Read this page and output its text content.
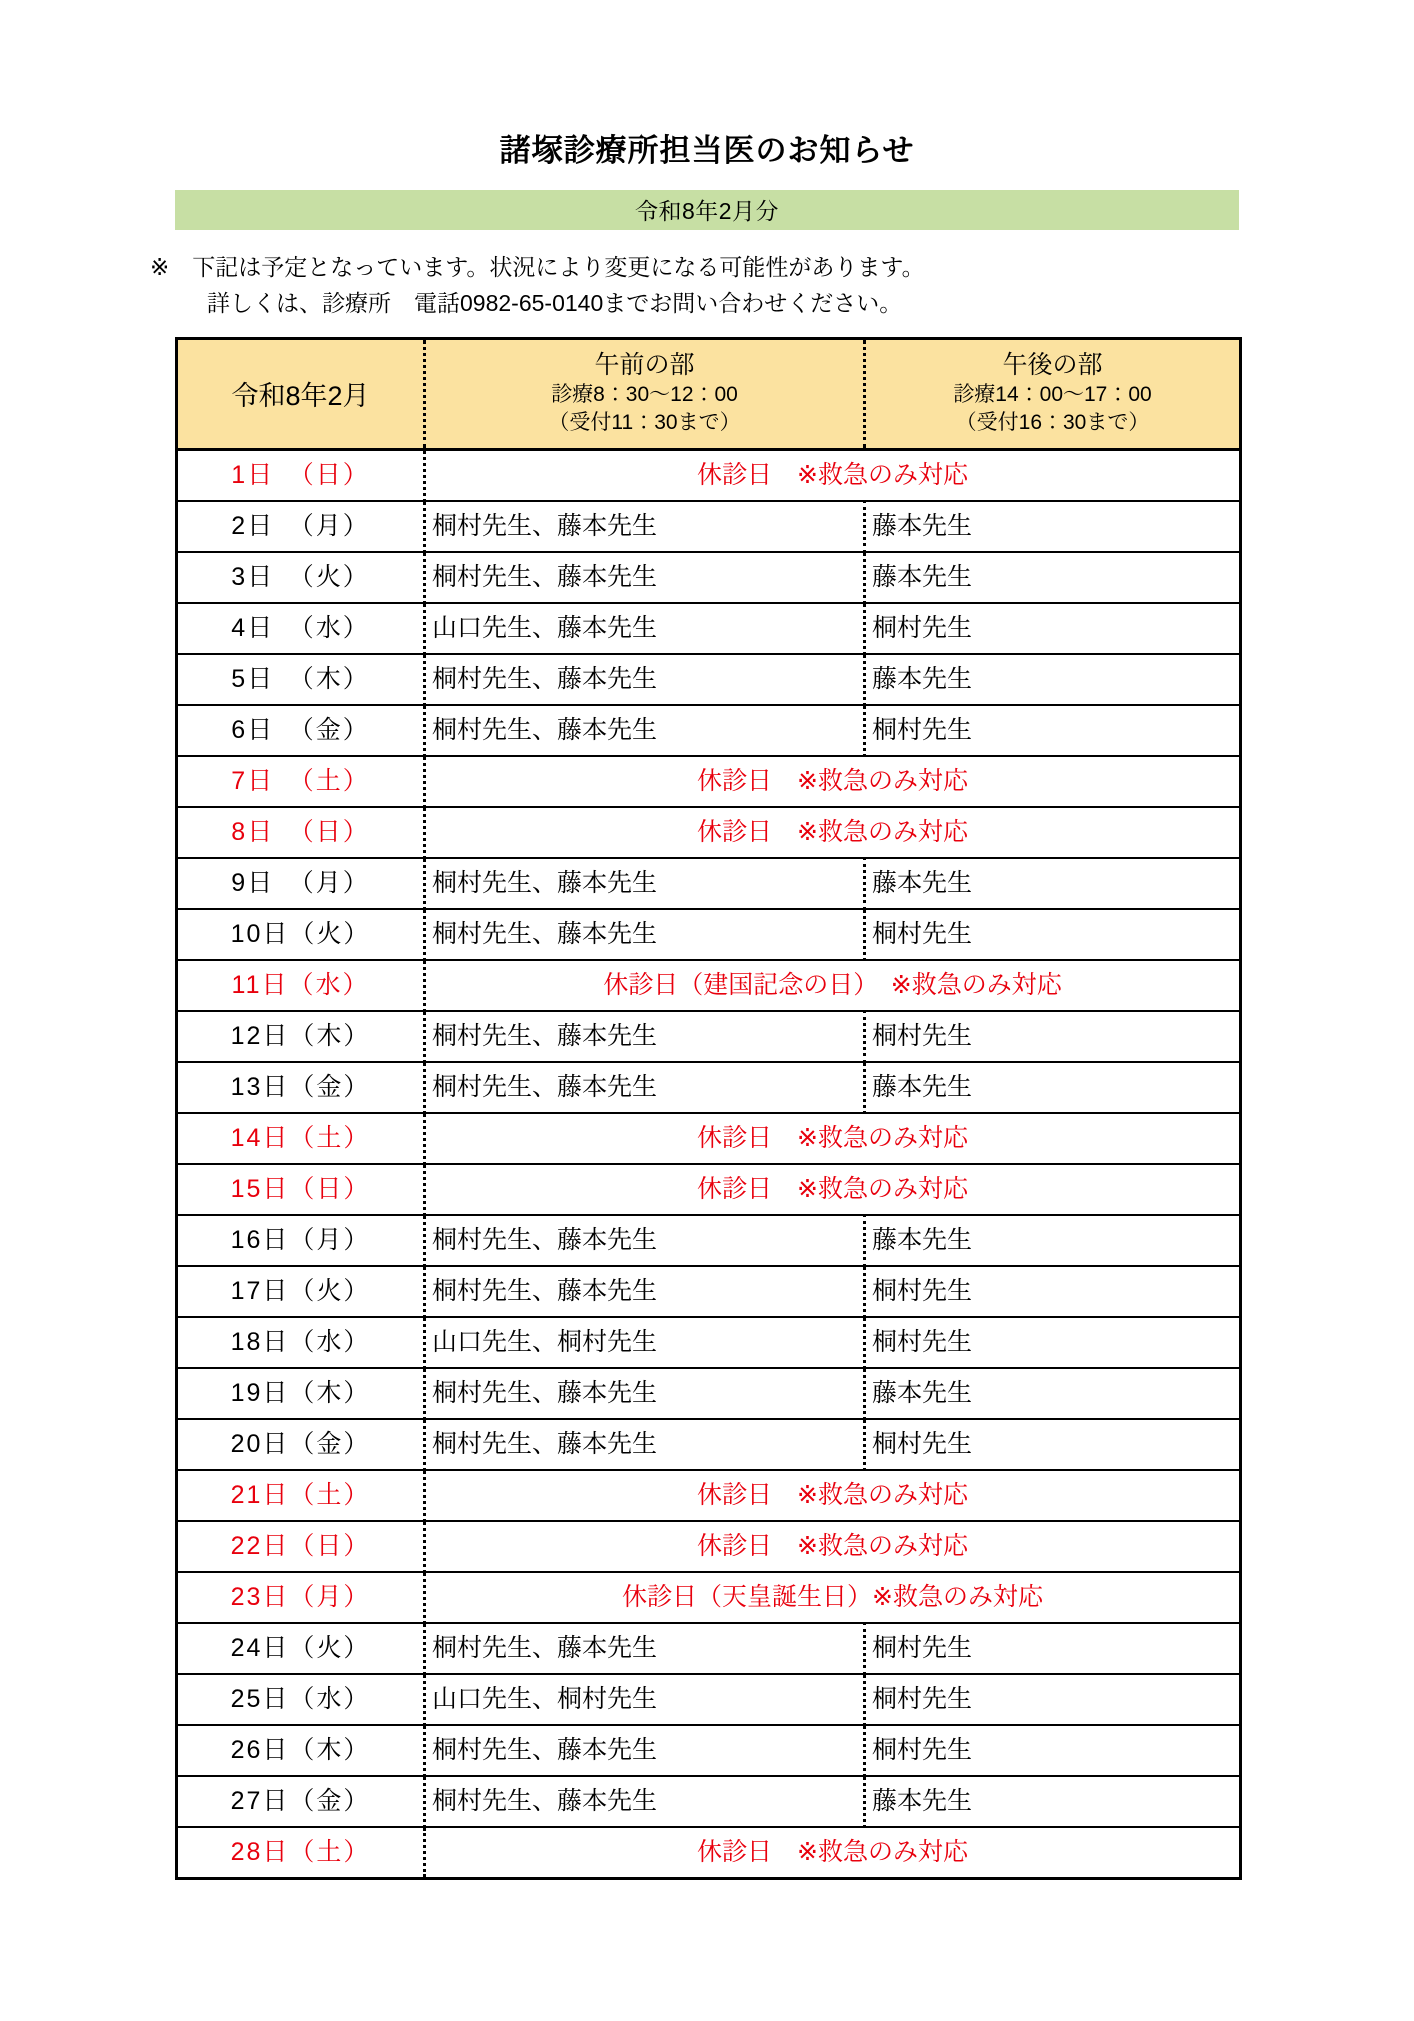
諸塚診療所担当医のお知らせ
令和8年2月分
※　下記は予定となっています。状況により変更になる可能性があります。
詳しくは、診療所　電話0982-65-0140までお問い合わせください。
令和8年2月	
午前の部
診療8：30～12：00
（受付11：30まで）

午後の部
診療14：00～17：00
（受付16：30まで）

1日　（日）	休診日　※救急のみ対応	
2日　（月）	桐村先生、藤本先生	藤本先生
3日　（火）	桐村先生、藤本先生	藤本先生
4日　（水）	山口先生、藤本先生	桐村先生
5日　（木）	桐村先生、藤本先生	藤本先生
6日　（金）	桐村先生、藤本先生	桐村先生
7日　（土）	休診日　※救急のみ対応	
8日　（日）	休診日　※救急のみ対応	
9日　（月）	桐村先生、藤本先生	藤本先生
10日（火）	桐村先生、藤本先生	桐村先生
11日（水）	休診日（建国記念の日）　※救急のみ対応	
12日（木）	桐村先生、藤本先生	桐村先生
13日（金）	桐村先生、藤本先生	藤本先生
14日（土）	休診日　※救急のみ対応	
15日（日）	休診日　※救急のみ対応	
16日（月）	桐村先生、藤本先生	藤本先生
17日（火）	桐村先生、藤本先生	桐村先生
18日（水）	山口先生、桐村先生	桐村先生
19日（木）	桐村先生、藤本先生	藤本先生
20日（金）	桐村先生、藤本先生	桐村先生
21日（土）	休診日　※救急のみ対応	
22日（日）	休診日　※救急のみ対応	
23日（月）	休診日（天皇誕生日）※救急のみ対応	
24日（火）	桐村先生、藤本先生	桐村先生
25日（水）	山口先生、桐村先生	桐村先生
26日（木）	桐村先生、藤本先生	桐村先生
27日（金）	桐村先生、藤本先生	藤本先生
28日（土）	休診日　※救急のみ対応	
